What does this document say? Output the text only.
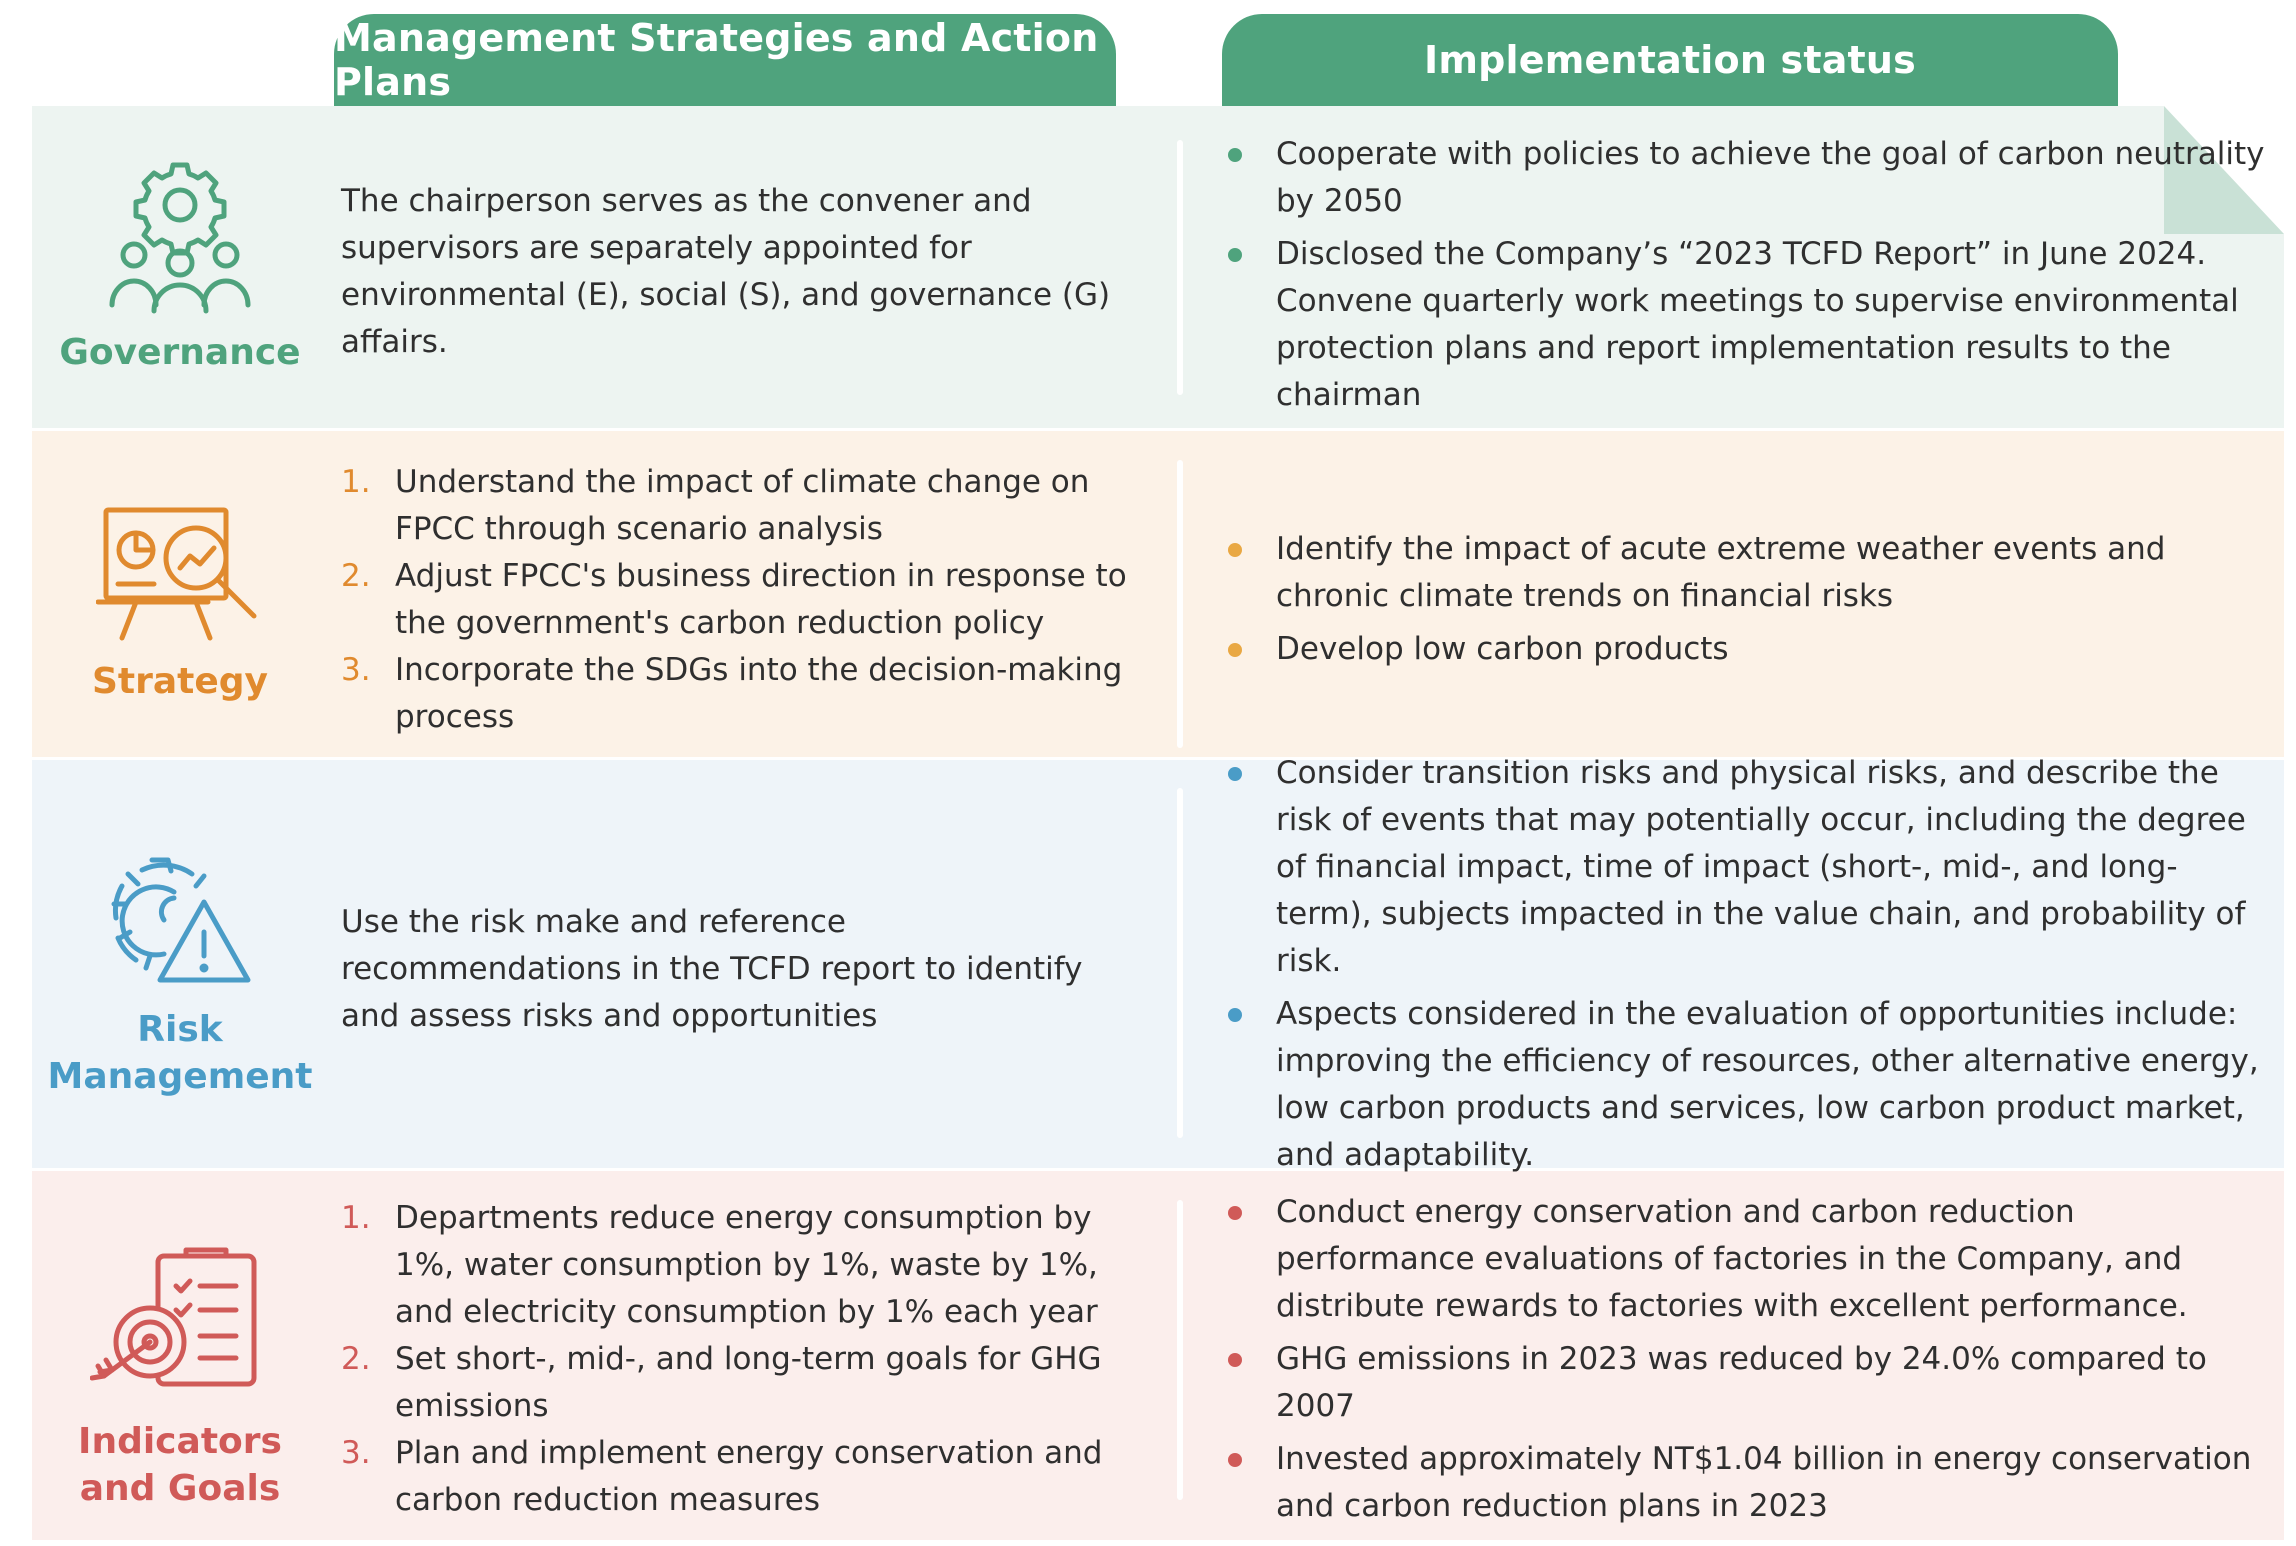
Management Strategies and Action Plans	Implementation status
Governance
The chairperson serves as the convener and supervisors are separately appointed for environmental (E), social (S), and governance (G) affairs.
Cooperate with policies to achieve the goal of carbon neutrality by 2050
Disclosed the Company’s “2023 TCFD Report” in June 2024. Convene quarterly work meetings to supervise environmental protection plans and report implementation results to the chairman
Strategy
1. Understand the impact of climate change on FPCC through scenario analysis
2. Adjust FPCC's business direction in response to the government's carbon reduction policy
3. Incorporate the SDGs into the decision-making process
Identify the impact of acute extreme weather events and chronic climate trends on financial risks
Develop low carbon products
Risk
Management
Use the risk make and reference recommendations in the TCFD report to identify and assess risks and opportunities
Consider transition risks and physical risks, and describe the risk of events that may potentially occur, including the degree of financial impact, time of impact (short-, mid-, and long-term), subjects impacted in the value chain, and probability of risk.
Aspects considered in the evaluation of opportunities include: improving the efficiency of resources, other alternative energy, low carbon products and services, low carbon product market, and adaptability.
Indicators
and Goals
1. Departments reduce energy consumption by 1%, water consumption by 1%, waste by 1%, and electricity consumption by 1% each year
2. Set short-, mid-, and long-term goals for GHG emissions
3. Plan and implement energy conservation and carbon reduction measures
Conduct energy conservation and carbon reduction performance evaluations of factories in the Company, and distribute rewards to factories with excellent performance.
GHG emissions in 2023 was reduced by 24.0% compared to 2007
Invested approximately NT$1.04 billion in energy conservation and carbon reduction plans in 2023
